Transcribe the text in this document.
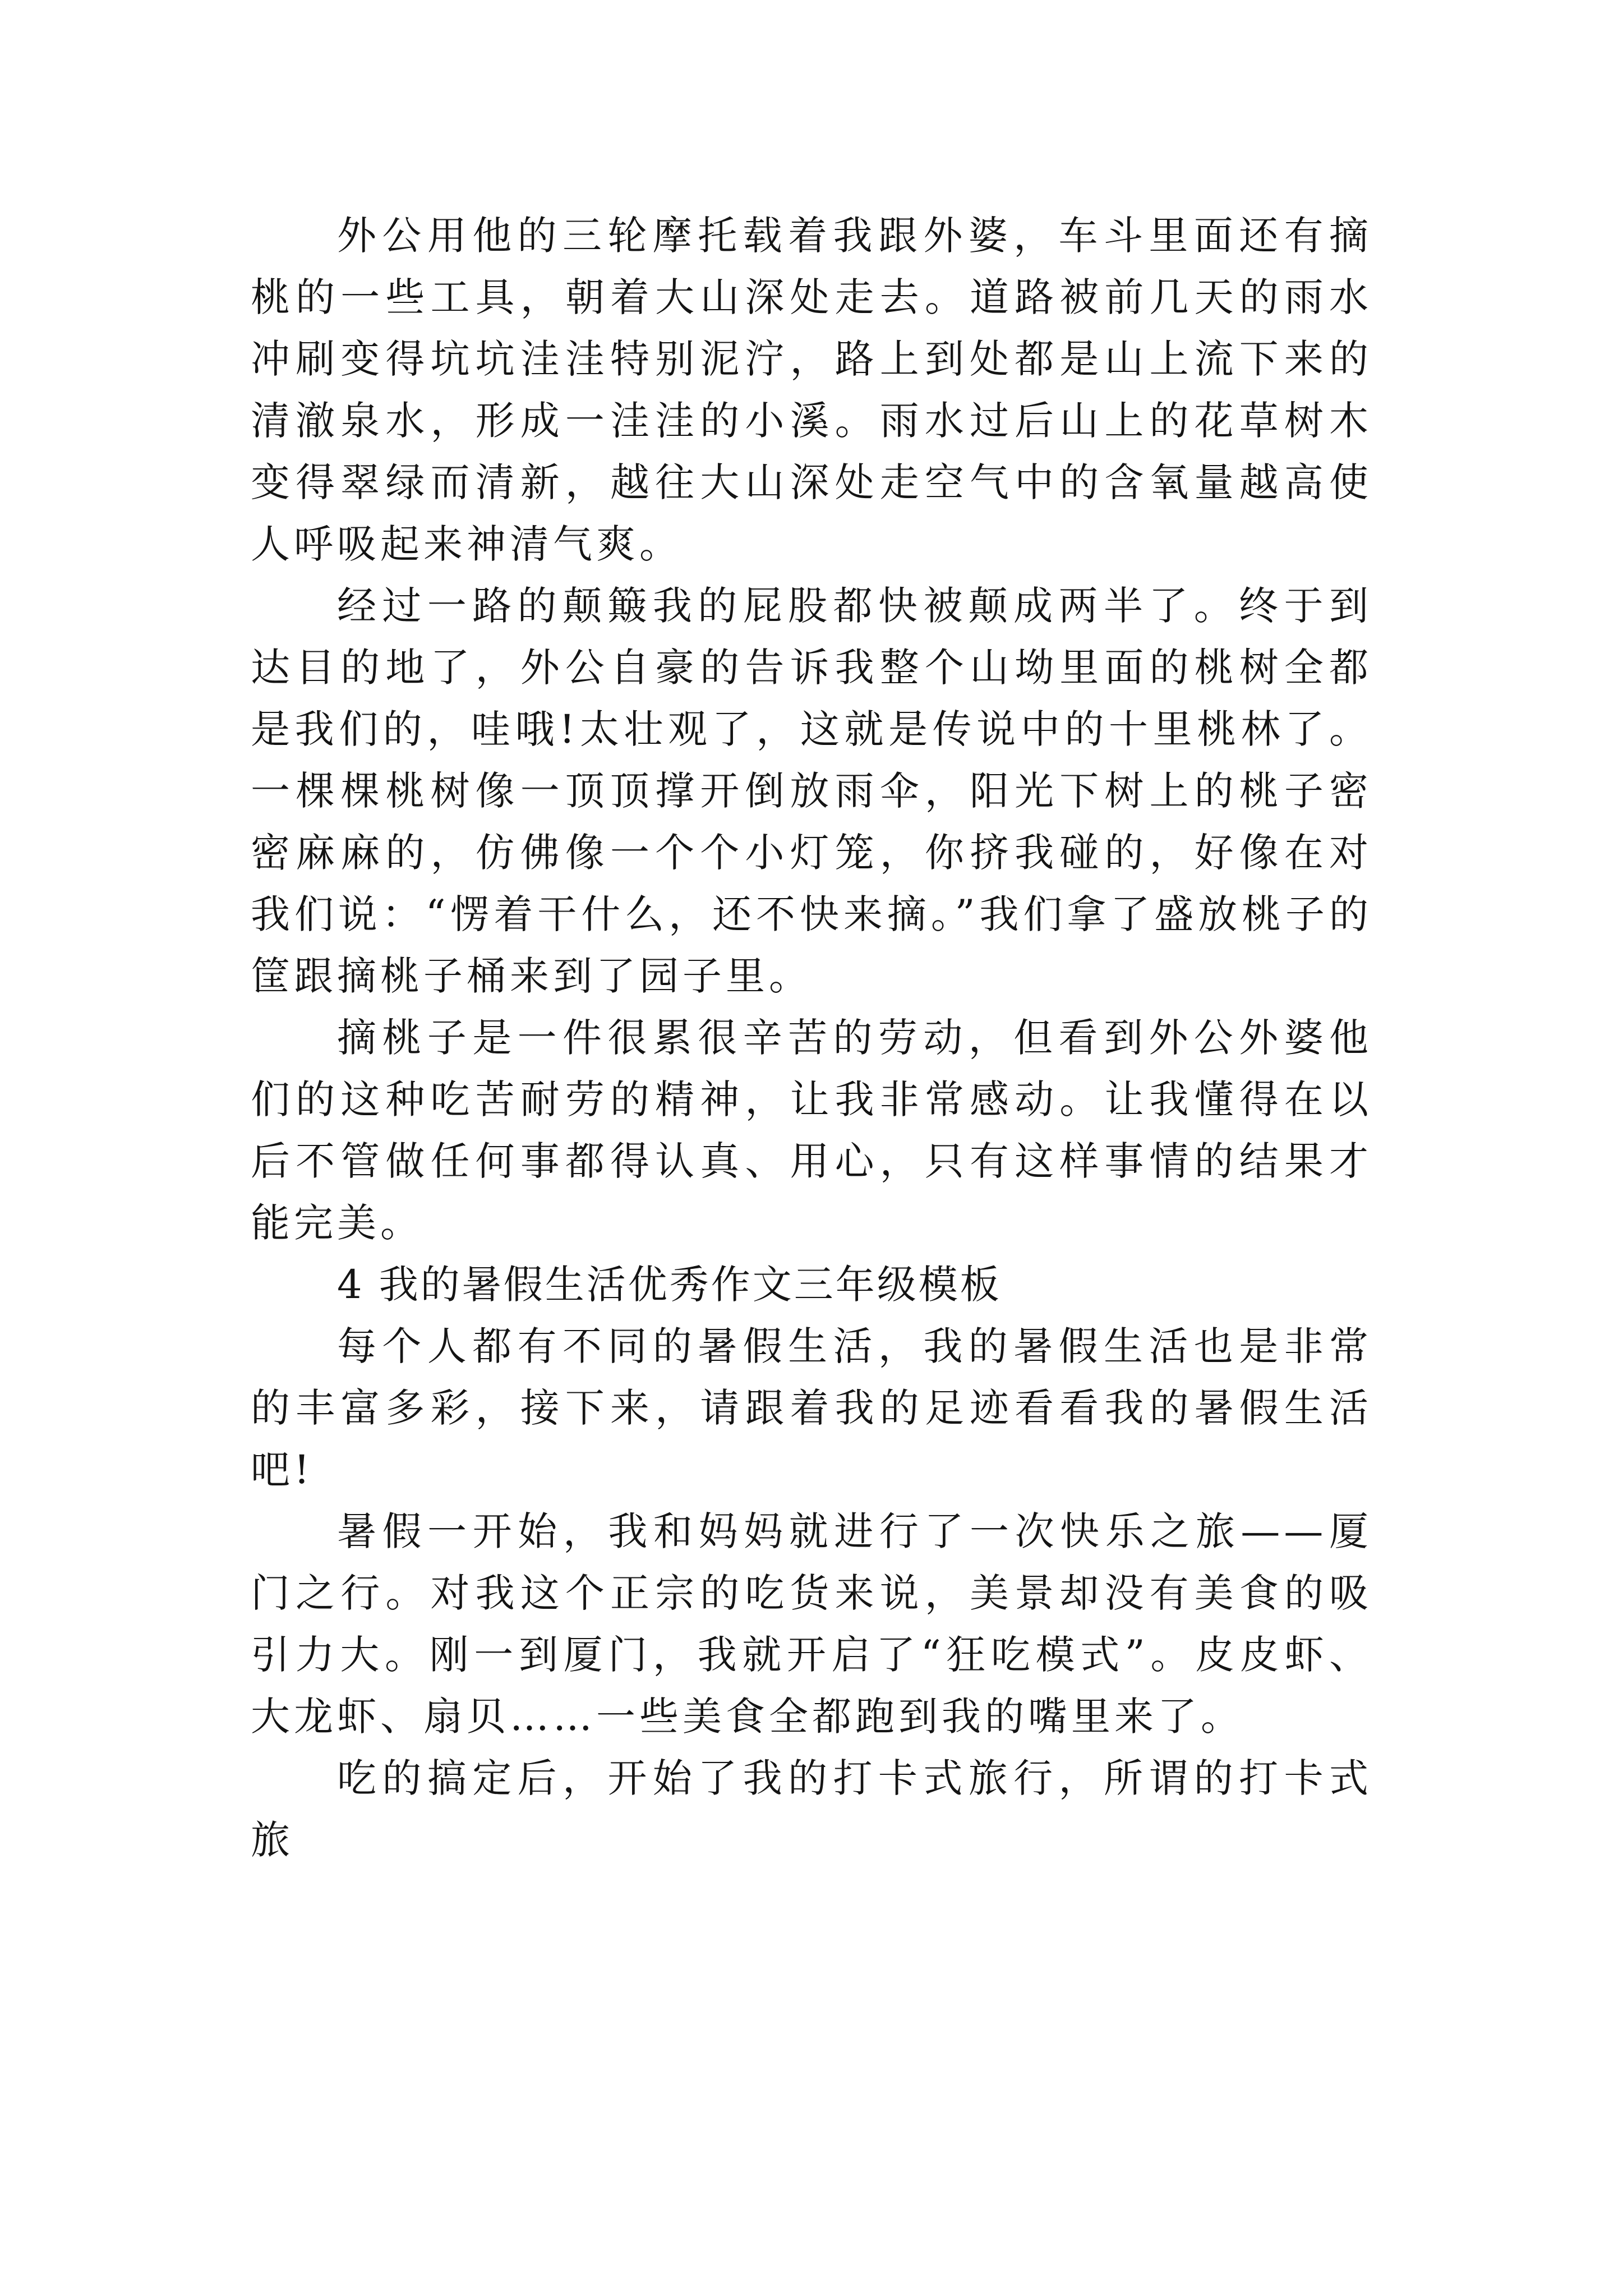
外公用他的三轮摩托载着我跟外婆，车斗里面还有摘桃的一些工具，朝着大山深处走去。道路被前几天的雨水冲刷变得坑坑洼洼特别泥泞，路上到处都是山上流下来的清澈泉水，形成一洼洼的小溪。雨水过后山上的花草树木变得翠绿而清新，越往大山深处走空气中的含氧量越高使人呼吸起来神清气爽。

经过一路的颠簸我的屁股都快被颠成两半了。终于到达目的地了，外公自豪的告诉我整个山坳里面的桃树全都是我们的，哇哦!太壮观了，这就是传说中的十里桃林了。一棵棵桃树像一顶顶撑开倒放雨伞，阳光下树上的桃子密密麻麻的，仿佛像一个个小灯笼，你挤我碰的，好像在对我们说：“愣着干什么，还不快来摘。”我们拿了盛放桃子的筐跟摘桃子桶来到了园子里。

摘桃子是一件很累很辛苦的劳动，但看到外公外婆他们的这种吃苦耐劳的精神，让我非常感动。让我懂得在以后不管做任何事都得认真、用心，只有这样事情的结果才能完美。

4 我的暑假生活优秀作文三年级模板

每个人都有不同的暑假生活，我的暑假生活也是非常的丰富多彩，接下来，请跟着我的足迹看看我的暑假生活吧!

暑假一开始，我和妈妈就进行了一次快乐之旅——厦门之行。对我这个正宗的吃货来说，美景却没有美食的吸引力大。刚一到厦门，我就开启了“狂吃模式”。皮皮虾、大龙虾、扇贝……一些美食全都跑到我的嘴里来了。

吃的搞定后，开始了我的打卡式旅行，所谓的打卡式旅
